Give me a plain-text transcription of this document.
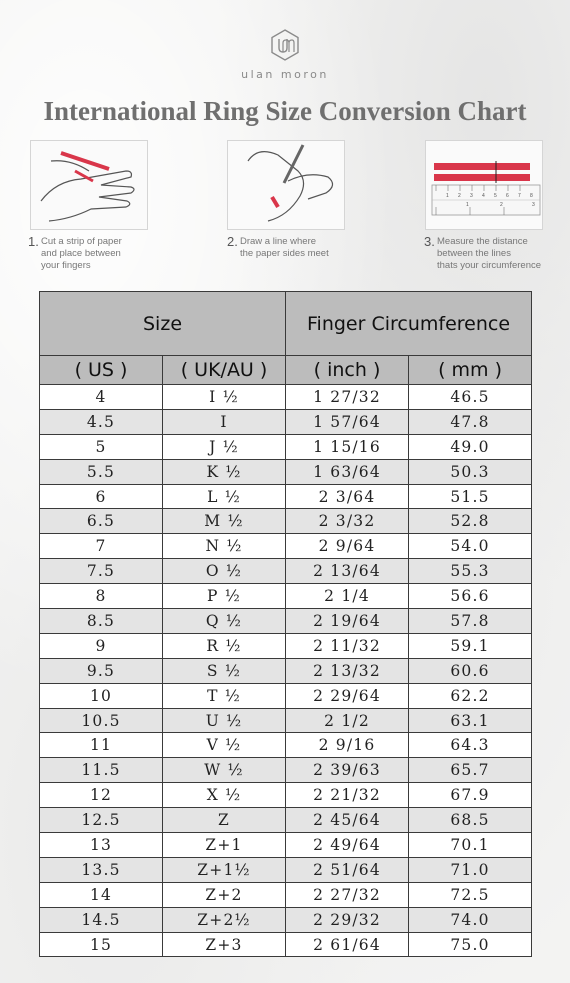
ulan moron
International Ring Size Conversion Chart
1 2 3 4 5 6 7 8
1	2	3
1. Cut a strip of paper
and place between
your fingers
2. Draw a line where
the paper sides meet
3. Measure the distance
between the lines
thats your circumference
Size		Finger Circumference	
( US )	( UK/AU )	( inch )	( mm )
4	I ½	1 27/32	46.5
4.5	I	1 57/64	47.8
5	J ½	1 15/16	49.0
5.5	K ½	1 63/64	50.3
6	L ½	2 3/64	51.5
6.5	M ½	2 3/32	52.8
7	N ½	2 9/64	54.0
7.5	O ½	2 13/64	55.3
8	P ½	2 1/4	56.6
8.5	Q ½	2 19/64	57.8
9	R ½	2 11/32	59.1
9.5	S ½	2 13/32	60.6
10	T ½	2 29/64	62.2
10.5	U ½	2 1/2	63.1
11	V ½	2 9/16	64.3
11.5	W ½	2 39/63	65.7
12	X ½	2 21/32	67.9
12.5	Z	2 45/64	68.5
13	Z+1	2 49/64	70.1
13.5	Z+1½	2 51/64	71.0
14	Z+2	2 27/32	72.5
14.5	Z+2½	2 29/32	74.0
15	Z+3	2 61/64	75.0
